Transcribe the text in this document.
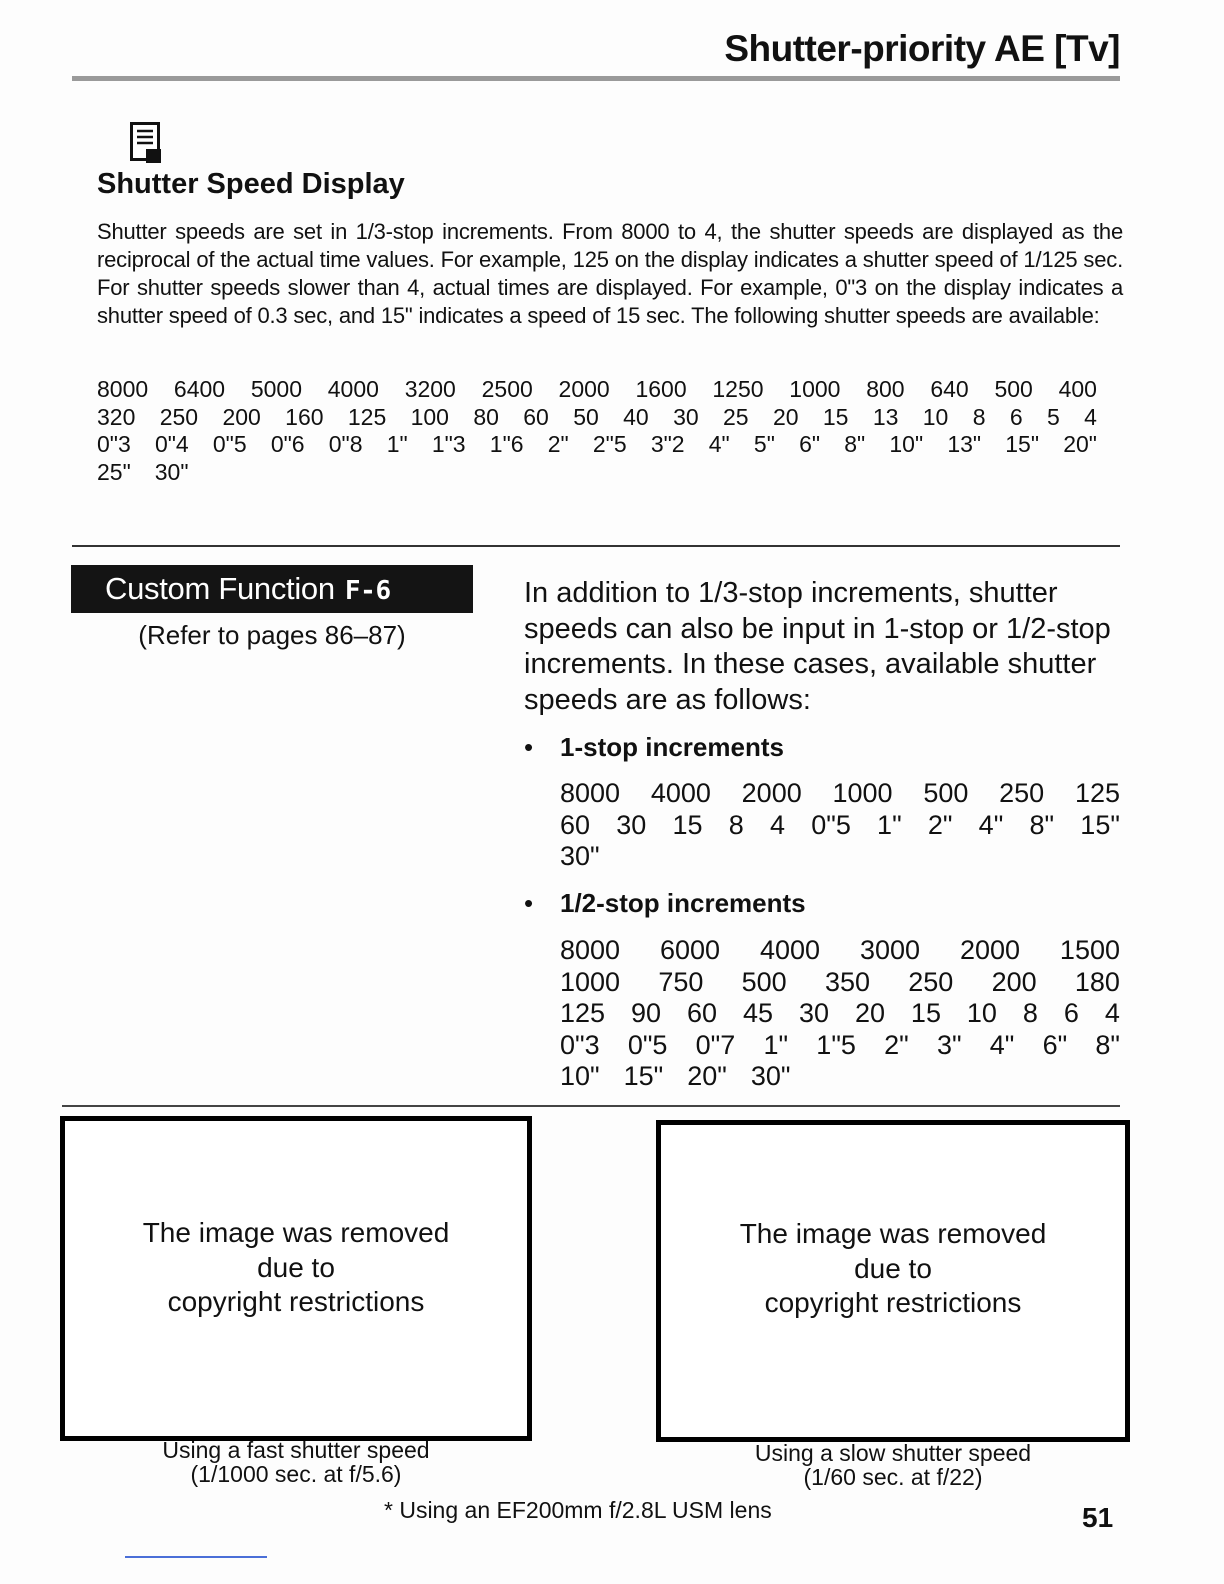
Shutter-priority AE [Tv]
Shutter Speed Display
Shutter speeds are set in 1/3-stop increments. From 8000 to 4, the shutter speeds are displayed as the reciprocal of the actual time values. For example, 125 on the display indicates a shutter speed of 1/125 sec. For shutter speeds slower than 4, actual times are displayed. For example, 0"3 on the display indicates a shutter speed of 0.3 sec, and 15" indicates a speed of 15 sec. The following shutter speeds are available:
8000 6400 5000 4000 3200 2500 2000 1600 1250 1000 800 640 500 400
320 250 200 160 125 100 80 60 50 40 30 25 20 15 13 10 8 6 5 4
0"3 0"4 0"5 0"6 0"8 1" 1"3 1"6 2" 2"5 3"2 4" 5" 6" 8" 10" 13" 15" 20"
25" 30"
Custom Function F-6
(Refer to pages 86–87)
In addition to 1/3-stop increments, shutter speeds can also be input in 1-stop or 1/2-stop increments. In these cases, available shutter speeds are as follows:
• 1-stop increments
8000 4000 2000 1000 500 250 125
60 30 15 8 4 0"5 1" 2" 4" 8" 15"
30"
• 1/2-stop increments
8000 6000 4000 3000 2000 1500
1000 750 500 350 250 200 180
125 90 60 45 30 20 15 10 8 6 4
0"3 0"5 0"7 1" 1"5 2" 3" 4" 6" 8"
10" 15" 20" 30"
The image was removed
due to
copyright restrictions
Using a fast shutter speed
(1/1000 sec. at f/5.6)
The image was removed
due to
copyright restrictions
Using a slow shutter speed
(1/60 sec. at f/22)
* Using an EF200mm f/2.8L USM lens	51
